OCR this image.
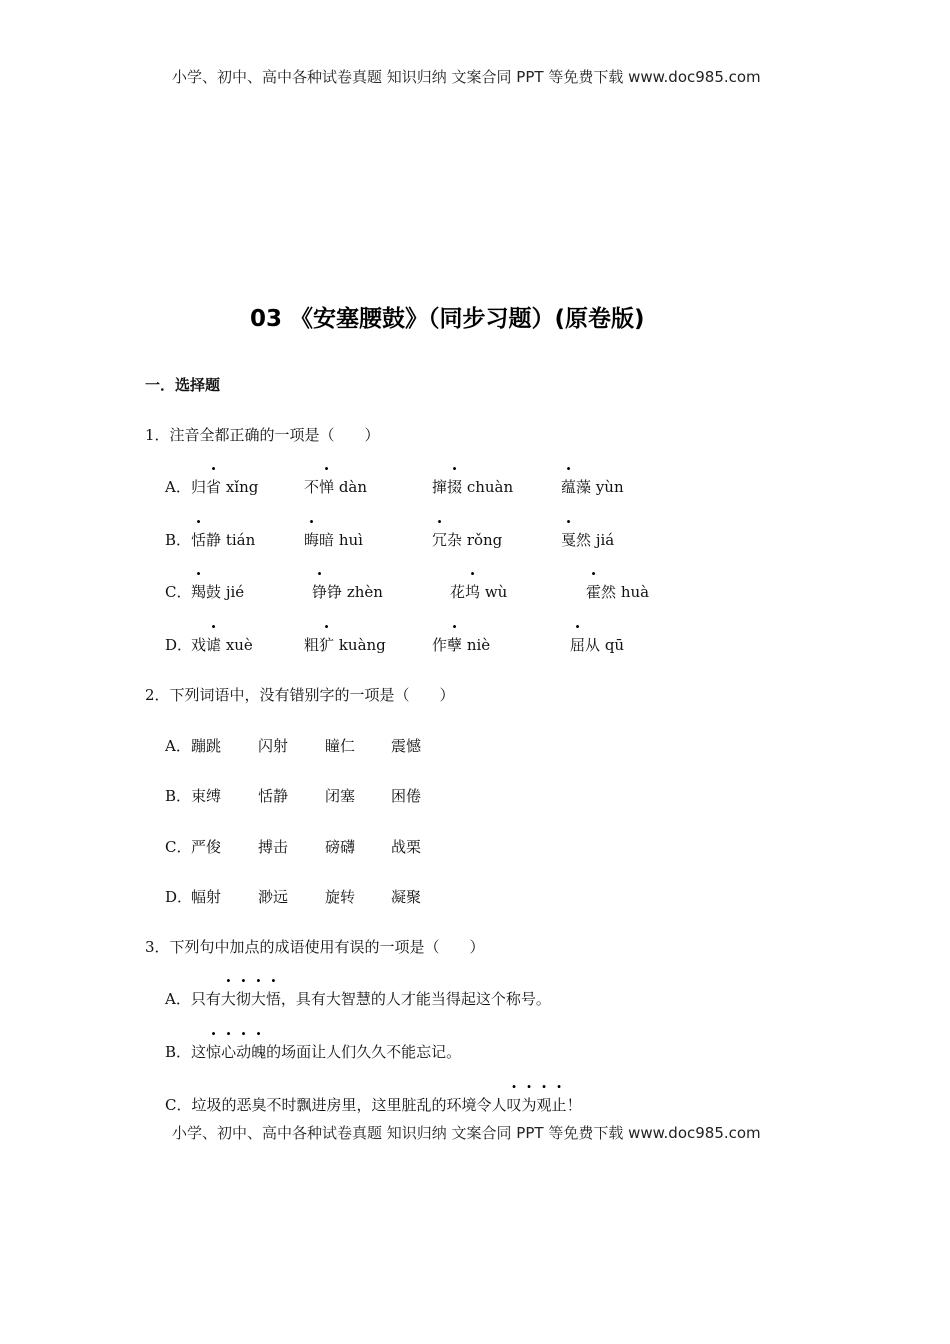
小学、初中、高中各种试卷真题 知识归纳 文案合同 PPT 等免费下载 www.doc985.com
03 《安塞腰鼓》（同步习题）(原卷版)
一．选择题
1．注音全都正确的一项是（　　）
A． 归省 xǐng	不惮 dàn	撺掇 chuàn	蕴藻 yùn
B． 恬静 tián	晦暗 huì	冗杂 rǒng	戛然 jiá
C． 羯鼓 jié	铮铮 zhèn	花坞 wù	霍然 huà
D．
戏谑 xuè	粗犷 kuàng	作孽 niè	屈从 qū
2．下列词语中，没有错别字的一项是（　　）
A． 蹦跳 闪射 瞳仁 震憾
B． 束缚 恬静 闭塞 困倦
C． 严俊 搏击 磅礴 战栗
D．
幅射 渺远 旋转 凝聚
3．下列句中加点的成语使用有误的一项是（　　）
A．只有大彻大悟，具有大智慧的人才能当得起这个称号。
B．这惊心动魄的场面让人们久久不能忘记。
C．垃圾的恶臭不时飘进房里，这里脏乱的环境令人叹为观止！
小学、初中、高中各种试卷真题 知识归纳 文案合同 PPT 等免费下载 www.doc985.com
